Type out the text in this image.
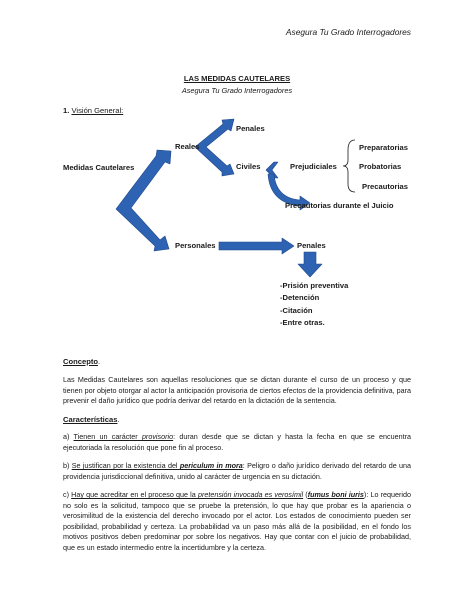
Asegura Tu Grado Interrogadores
LAS MEDIDAS CAUTELARES
Asegura Tu Grado Interrogadores
1. Visión General:
Medidas Cautelares
Reales
Penales
Civiles	Prejudiciales
Preparatorias
Probatorias
Precautorias
Precautorias durante el Juicio
Personales	Penales
-Prisión preventiva
-Detención
-Citación
-Entre otras.
Concepto.
Las Medidas Cautelares son aquellas resoluciones que se dictan durante el curso de un proceso y que tienen por objeto otorgar al actor la anticipación provisoria de ciertos efectos de la providencia definitiva, para prevenir el daño jurídico que podría derivar del retardo en la dictación de la sentencia.
Características.
a) Tienen un carácter provisorio: duran desde que se dictan y hasta la fecha en que se encuentra ejecutoriada la resolución que pone fin al proceso.
b) Se justifican por la existencia del periculum in mora: Peligro o daño jurídico derivado del retardo de una providencia jurisdiccional definitiva, unido al carácter de urgencia en su dictación.
c) Hay que acreditar en el proceso que la pretensión invocada es verosímil (fumus boni iuris): Lo requerido no solo es la solicitud, tampoco que se pruebe la pretensión, lo que hay que probar es la apariencia o verosimilitud de la existencia del derecho invocado por el actor. Los estados de conocimiento pueden ser posibilidad, probabilidad y certeza. La probabilidad va un paso más allá de la posibilidad, en el fondo los motivos positivos deben predominar por sobre los negativos. Hay que contar con el juicio de probabilidad, que es un estado intermedio entre la incertidumbre y la certeza.
